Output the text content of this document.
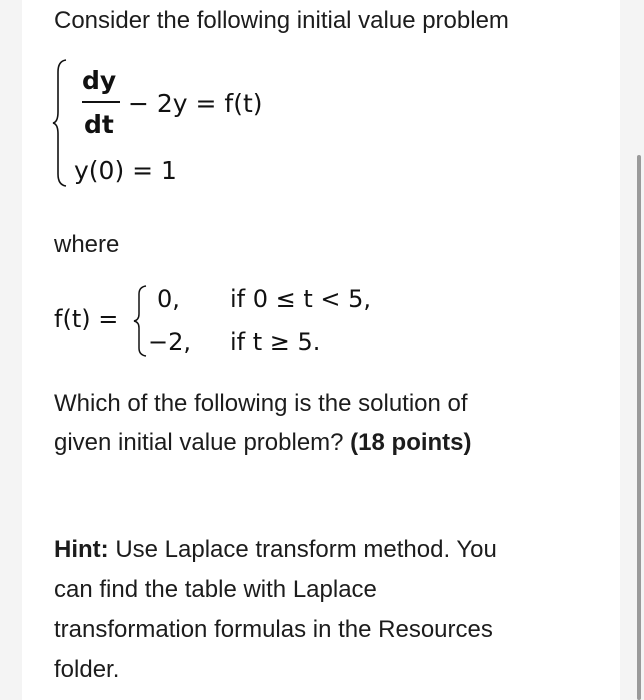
Consider the following initial value problem
dy
dt
− 2y = f(t)
y(0) = 1
where
f(t) =
0, if 0 ≤ t < 5,
−2, if t ≥ 5.
Which of the following is the solution of
given initial value problem? (18 points)
Hint: Use Laplace transform method. You
can find the table with Laplace
transformation formulas in the Resources
folder.
